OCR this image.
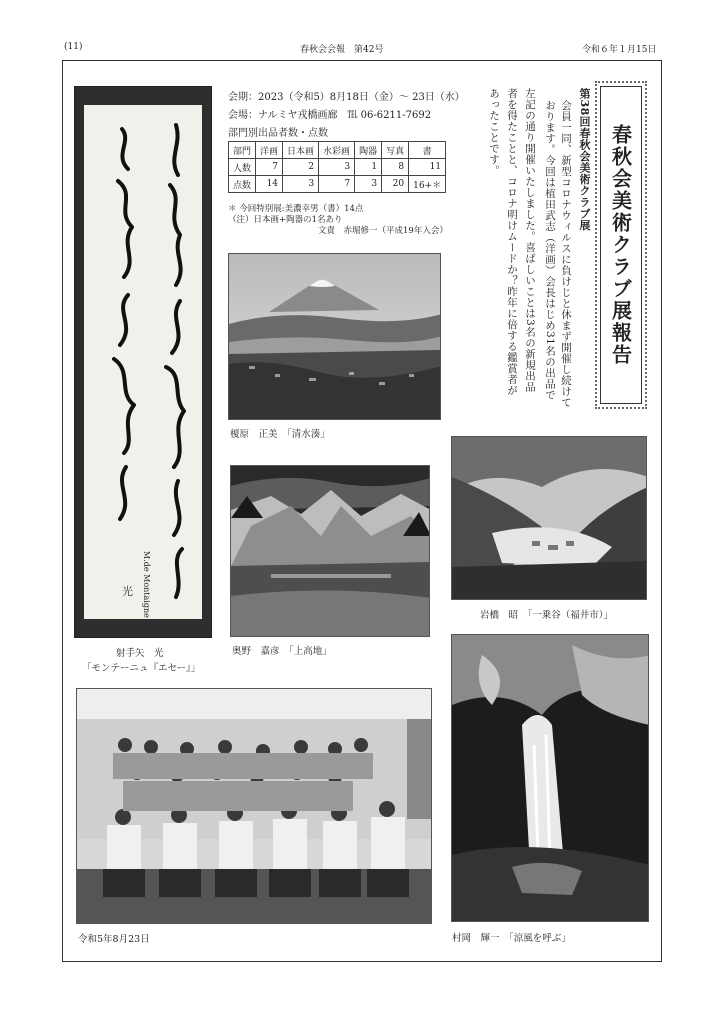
(11)	春秋会会報　第42号	令和６年１月15日
春秋会美術クラブ展報告
第38回春秋会美術クラブ展
会員一同、新型コロナウィルスに負けじと休まず開催し続けております。今回は植田武志（洋画）会長はじめ31名の出品で
左記の通り開催いたしました。喜ばしいことは3名の新規出品
者を得たことと、コロナ明けムードか？昨年に倍する鑑賞者が
あったことです。
会期：2023（令和5）8月18日（金）〜 23日（水）
会場：ナルミヤ戎橋画廊　℡ 06-6211-7692
部門別出品者数・点数
部門	洋画	日本画	水彩画	陶器	写真	書
人数	7	2	3	1	8	11
点数	14	3	7	3	20	16+＊
＊ 今回特別展:美濃幸男（書）14点
（注）日本画+陶器の1名あり
文責　赤堀修一（平成19年入会）
M.de Montaigne
光
射手矢　光
「モンテーニュ『エセー』」
榎原　正美　「清水湊」
奥野　嘉彦　「上高地」
岩橋　昭　「一乗谷（福井市）」
令和5年8月23日	村岡　輝一　「涼風を呼ぶ」
